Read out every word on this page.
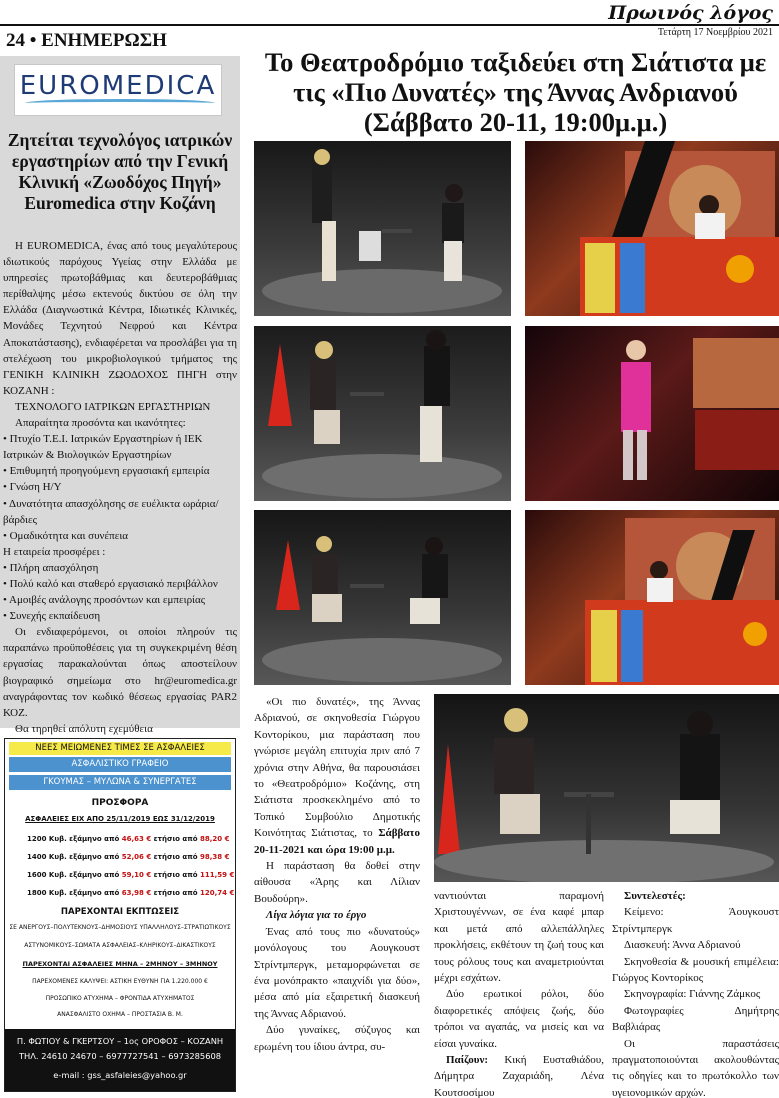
Πρωινός λόγος
24 • ΕΝΗΜΕΡΩΣΗ	Τετάρτη 17 Νοεμβρίου 2021
EUROMEDICA
Ζητείται τεχνολόγος ιατρικών εργαστηρίων από την Γενική Κλινική «Ζωοδόχος Πηγή» Euromedica στην Κοζάνη

Η EUROMEDICA, ένας από τους μεγαλύτερους ιδιωτικούς παρόχους Υγείας στην Ελλάδα με υπηρεσίες πρωτοβάθμιας και δευτεροβάθμιας περίθαλψης μέσω εκτενούς δικτύου σε όλη την Ελλάδα (Διαγνωστικά Κέντρα, Ιδιωτικές Κλινικές, Μονάδες Τεχνητού Νεφρού και Κέντρα Αποκατάστασης), ενδιαφέρεται να προσλάβει για τη στελέχωση του μικροβιολογικού τμήματος της ΓΕΝΙΚΗ ΚΛΙΝΙΚΗ ΖΩΟΔΟΧΟΣ ΠΗΓΗ στην ΚΟΖΑΝΗ :

ΤΕΧΝΟΛΟΓΟ ΙΑΤΡΙΚΩΝ ΕΡΓΑΣΤΗΡΙΩΝ

Απαραίτητα προσόντα και ικανότητες:

• Πτυχίο Τ.Ε.Ι. Ιατρικών Εργαστηρίων ή ΙΕΚ Ιατρικών & Βιολογικών Εργαστηρίων

• Επιθυμητή προηγούμενη εργασιακή εμπειρία

• Γνώση Η/Υ

• Δυνατότητα απασχόλησης σε ευέλικτα ωράρια/βάρδιες

• Ομαδικότητα και συνέπεια

Η εταιρεία προσφέρει :

• Πλήρη απασχόληση

• Πολύ καλό και σταθερό εργασιακό περιβάλλον

• Αμοιβές ανάλογης προσόντων και εμπειρίας

• Συνεχής εκπαίδευση

Οι ενδιαφερόμενοι, οι οποίοι πληρούν τις παραπάνω προϋποθέσεις για τη συγκεκριμένη θέση εργασίας παρακαλούνται όπως αποστείλουν βιογραφικό σημείωμα στο hr@euromedica.gr αναγράφοντας τον κωδικό θέσεως εργασίας PAR2 ΚΟΖ.

Θα τηρηθεί απόλυτη εχεμύθεια

ΝΕΕΣ ΜΕΙΩΜΕΝΕΣ ΤΙΜΕΣ ΣΕ ΑΣΦΑΛΕΙΕΣ
ΑΣΦΑΛΙΣΤΙΚΟ ΓΡΑΦΕΙΟ
ΓΚΟΥΜΑΣ – ΜΥΛΩΝΑ & ΣΥΝΕΡΓΑΤΕΣ
ΠΡΟΣΦΟΡΑ
ΑΣΦΑΛΕΙΕΣ ΕΙΧ ΑΠΟ 25/11/2019 ΕΩΣ 31/12/2019
1200 Κυβ. εξάμηνο από 46,63 € ετήσιο από 88,20 €
1400 Κυβ. εξάμηνο από 52,06 € ετήσιο από 98,38 €
1600 Κυβ. εξάμηνο από 59,10 € ετήσιο από 111,59 €
1800 Κυβ. εξάμηνο από 63,98 € ετήσιο από 120,74 €
ΠΑΡΕΧΟΝΤΑΙ ΕΚΠΤΩΣΕΙΣ
ΣΕ ΑΝΕΡΓΟΥΣ–ΠΟΛΥΤΕΚΝΟΥΣ–ΔΗΜΟΣΙΟΥΣ ΥΠΑΛΛΗΛΟΥΣ–ΣΤΡΑΤΙΩΤΙΚΟΥΣ
ΑΣΤΥΝΟΜΙΚΟΥΣ–ΣΩΜΑΤΑ ΑΣΦΑΛΕΙΑΣ–ΚΛΗΡΙΚΟΥΣ–ΔΙΚΑΣΤΙΚΟΥΣ
ΠΑΡΕΧΟΝΤΑΙ ΑΣΦΑΛΕΙΕΣ ΜΗΝΑ – 2ΜΗΝΟΥ – 3ΜΗΝΟΥ
ΠΑΡΕΧΟΜΕΝΕΣ ΚΑΛΥΨΕΙ: ΑΣΤΙΚΗ ΕΥΘΥΝΗ ΓΙΑ 1.220.000 €
ΠΡΟΣΩΠΙΚΟ ΑΤΥΧΗΜΑ – ΦΡΟΝΤΙΔΑ ΑΤΥΧΗΜΑΤΟΣ
ΑΝΑΣΦΑΛΙΣΤΟ ΟΧΗΜΑ – ΠΡΟΣΤΑΣΙΑ Β. Μ.
Π. ΦΩΤΙΟΥ & ΓΚΕΡΤΣΟΥ – 1ος ΟΡΟΦΟΣ – ΚΟΖΑΝΗ
ΤΗΛ. 24610 24670 – 6977727541 – 6973285608
e-mail : gss_asfaleies@yahoo.gr
Το Θεατροδρόμιο ταξιδεύει στη Σιάτιστα με τις «Πιο Δυνατές» της Άννας Ανδριανού (Σάββατο 20-11, 19:00μ.μ.)

«Οι πιο δυνατές», της Άννας Αδριανού, σε σκηνοθεσία Γιώργου Κοντορίκου, μια παράσταση που γνώρισε μεγάλη επιτυχία πριν από 7 χρόνια στην Αθήνα, θα παρουσιάσει το «Θεατροδρόμιο» Κοζάνης, στη Σιάτιστα προσκεκλημένο από το Τοπικό Συμβούλιο Δημοτικής Κοινότητας Σιάτιστας, το Σάββατο 20-11-2021 και ώρα 19:00 μ.μ.

Η παράσταση θα δοθεί στην αίθουσα «Άρης και Λίλιαν Βουδούρη».

Λίγα λόγια για το έργο

Ένας από τους πιο «δυνατούς» μονόλογους του Αουγκουστ Στρίντμπεργκ, μεταμορφώνεται σε ένα μονόπρακτο «παιχνίδι για δύο», μέσα από μία εξαιρετική διασκευή της Άννας Αδριανού.

Δύο γυναίκες, σύζυγος και ερωμένη του ίδιου άντρα, συ-

ναντιούνται παραμονή Χριστουγέννων, σε ένα καφέ μπαρ και μετά από αλλεπάλληλες προκλήσεις, εκθέτουν τη ζωή τους και τους ρόλους τους και αναμετριούνται μέχρι εσχάτων.

Δύο ερωτικοί ρόλοι, δύο διαφορετικές απόψεις ζωής, δύο τρόποι να αγαπάς, να μισείς και να είσαι γυναίκα.

Παίζουν: Κική Ευσταθιάδου, Δήμητρα Ζαχαριάδη, Λένα Κουτσοσίμου

Συντελεστές:

Κείμενο: Άουγκουστ Στρίντμπεργκ

Διασκευή: Άννα Αδριανού

Σκηνοθεσία & μουσική επιμέλεια: Γιώργος Κοντορίκος

Σκηνογραφία: Γιάννης Ζάμκος

Φωτογραφίες Δημήτρης Βαβλιάρας

Οι παραστάσεις πραγματοποιούνται ακολουθώντας τις οδηγίες και το πρωτόκολλο των υγειονομικών αρχών.
